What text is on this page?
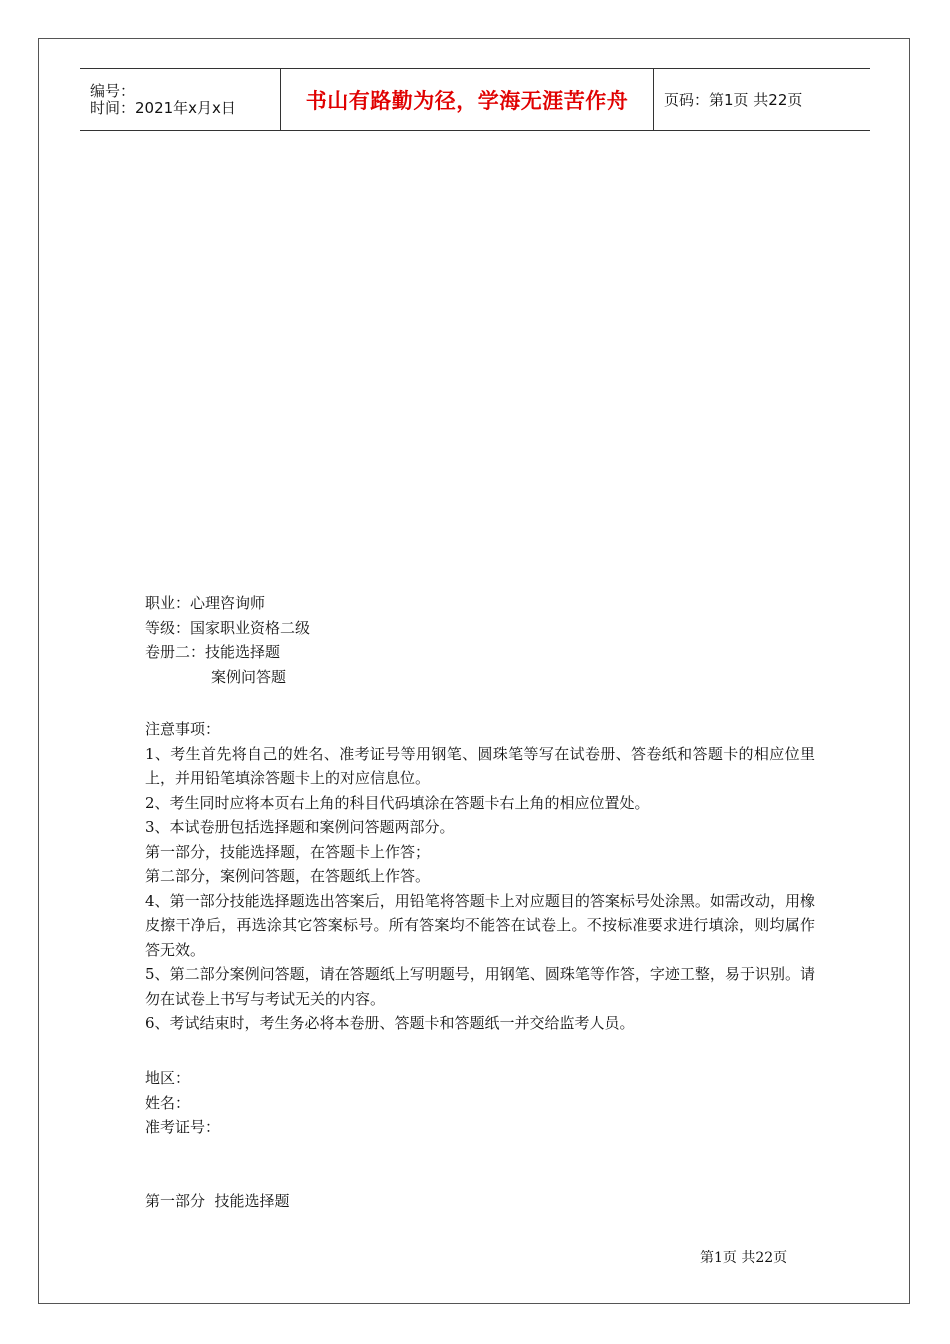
编号：
时间：2021年x月x日	书山有路勤为径，学海无涯苦作舟 页码：第1页 共22页
职业：心理咨询师
等级：国家职业资格二级
卷册二：技能选择题
案例问答题
注意事项：
1、考生首先将自己的姓名、准考证号等用钢笔、圆珠笔等写在试卷册、答卷纸和答题卡的相应位里上，并用铅笔填涂答题卡上的对应信息位。
2、考生同时应将本页右上角的科目代码填涂在答题卡右上角的相应位置处。
3、本试卷册包括选择题和案例问答题两部分。
第一部分，技能选择题，在答题卡上作答；
第二部分，案例问答题，在答题纸上作答。
4、第一部分技能选择题选出答案后，用铅笔将答题卡上对应题目的答案标号处涂黑。如需改动，用橡皮擦干净后，再选涂其它答案标号。所有答案均不能答在试卷上。不按标准要求进行填涂，则均属作答无效。
5、第二部分案例问答题，请在答题纸上写明题号，用钢笔、圆珠笔等作答，字迹工整，易于识别。请勿在试卷上书写与考试无关的内容。
6、考试结束时，考生务必将本卷册、答题卡和答题纸一并交给监考人员。
地区：
姓名：
准考证号：
第一部分  技能选择题
第1页 共22页
